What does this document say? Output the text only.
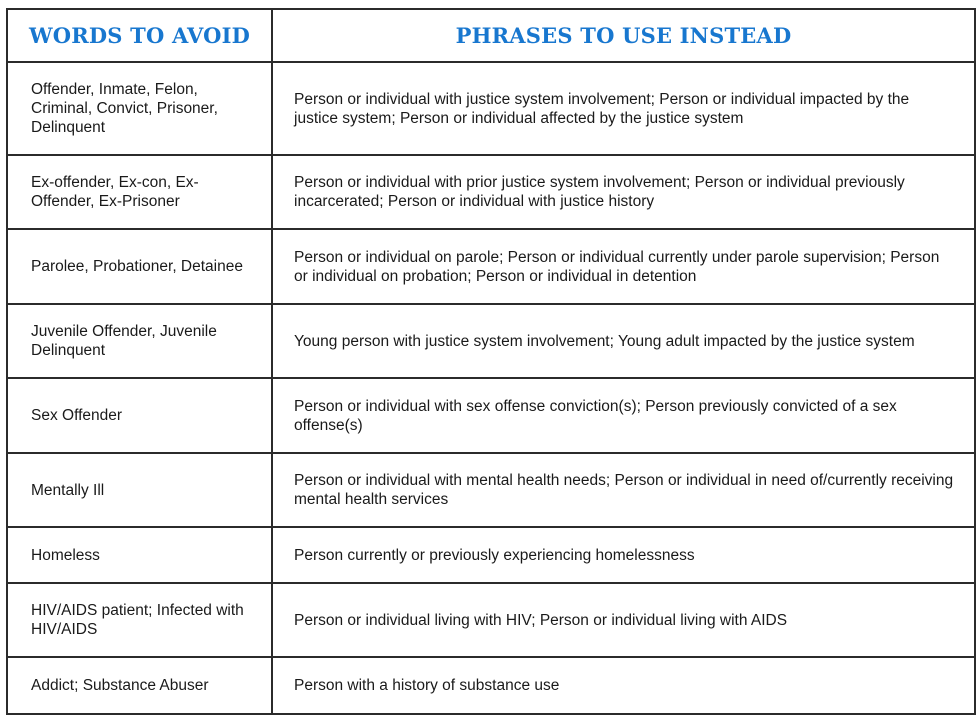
WORDS TO AVOID	PHRASES TO USE INSTEAD
Offender, Inmate, Felon, Criminal, Convict, Prisoner, Delinquent	Person or individual with justice system involvement; Person or individual impacted by the justice system; Person or individual affected by the justice system
Ex-offender, Ex-con, Ex-Offender, Ex-Prisoner	Person or individual with prior justice system involvement; Person or individual previously incarcerated; Person or individual with justice history
Parolee, Probationer, Detainee	Person or individual on parole; Person or individual currently under parole supervision; Person or individual on probation; Person or individual in detention
Juvenile Offender, Juvenile Delinquent	Young person with justice system involvement; Young adult impacted by the justice system
Sex Offender	Person or individual with sex offense conviction(s); Person previously convicted of a sex offense(s)
Mentally Ill	Person or individual with mental health needs; Person or individual in need of/currently receiving mental health services
Homeless	Person currently or previously experiencing homelessness
HIV/AIDS patient; Infected with HIV/AIDS	Person or individual living with HIV; Person or individual living with AIDS
Addict; Substance Abuser	Person with a history of substance use
